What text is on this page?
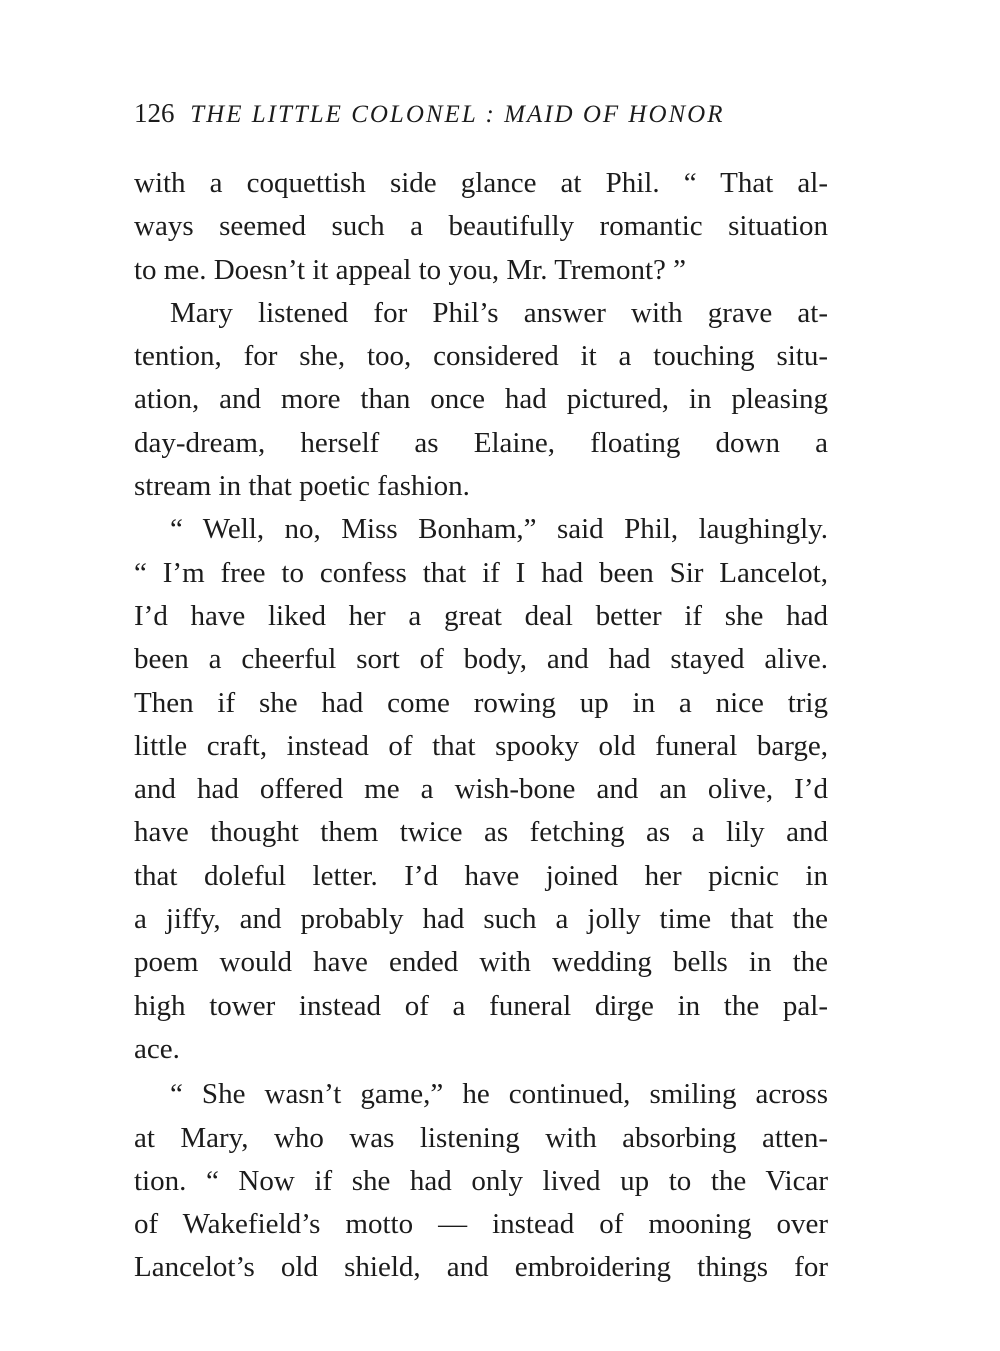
126 THE LITTLE COLONEL : MAID OF HONOR
with a coquettish side glance at Phil. “ That al-
ways seemed such a beautifully romantic situation
to me. Doesn’t it appeal to you, Mr. Tremont? ”
Mary listened for Phil’s answer with grave at-
tention, for she, too, considered it a touching situ-
ation, and more than once had pictured, in pleasing
day-dream, herself as Elaine, floating down a
stream in that poetic fashion.
“ Well, no, Miss Bonham,” said Phil, laughingly.
“ I’m free to confess that if I had been Sir Lancelot,
I’d have liked her a great deal better if she had
been a cheerful sort of body, and had stayed alive.
Then if she had come rowing up in a nice trig
little craft, instead of that spooky old funeral barge,
and had offered me a wish-bone and an olive, I’d
have thought them twice as fetching as a lily and
that doleful letter. I’d have joined her picnic in
a jiffy, and probably had such a jolly time that the
poem would have ended with wedding bells in the
high tower instead of a funeral dirge in the pal-
ace.
“ She wasn’t game,” he continued, smiling across
at Mary, who was listening with absorbing atten-
tion. “ Now if she had only lived up to the Vicar
of Wakefield’s motto — instead of mooning over
Lancelot’s old shield, and embroidering things for
